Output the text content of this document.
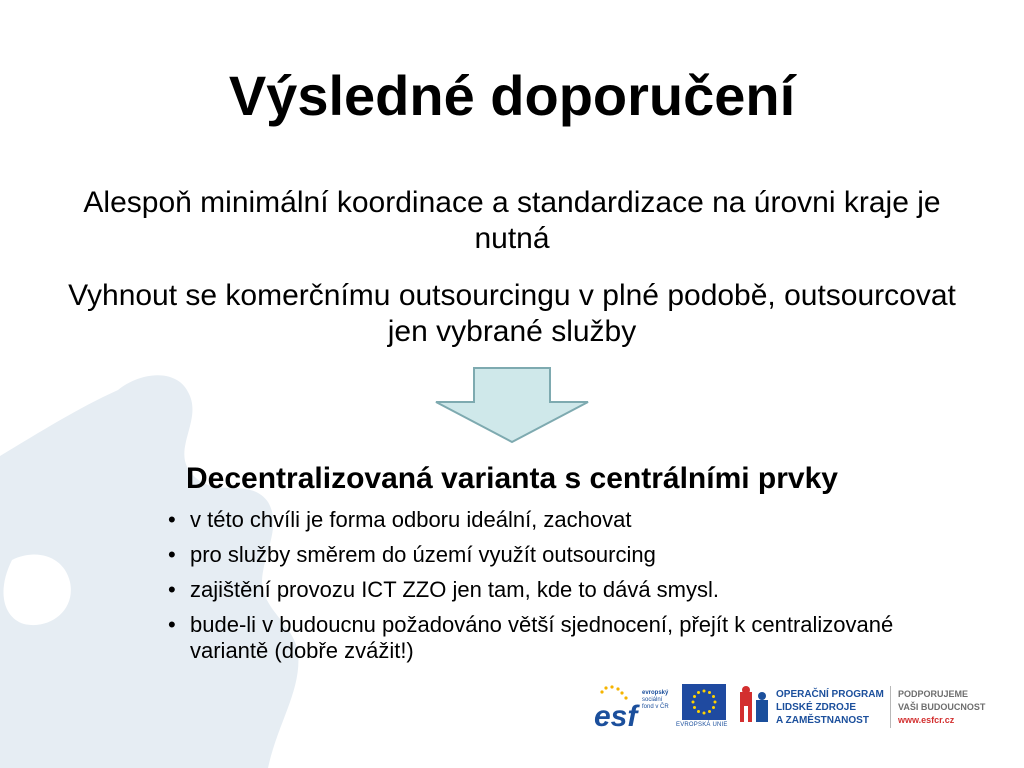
Výsledné doporučení

Alespoň minimální koordinace a standardizace na úrovni kraje je nutná

Vyhnout se komerčnímu outsourcingu v plné podobě, outsourcovat jen vybrané služby

Decentralizovaná varianta s centrálními prvky
• v této chvíli je forma odboru ideální, zachovat
• pro služby směrem do území využít outsourcing
• zajištění provozu ICT ZZO jen tam, kde to dává smysl.
• bude-li v budoucnu požadováno větší sjednocení, přejít k centralizované variantě (dobře zvážit!)
esf
evropský
sociální
fond v ČR
EVROPSKÁ UNIE
OPERAČNÍ PROGRAM
LIDSKÉ ZDROJE
A ZAMĚSTNANOST
PODPORUJEME
VAŠI BUDOUCNOST
www.esfcr.cz
